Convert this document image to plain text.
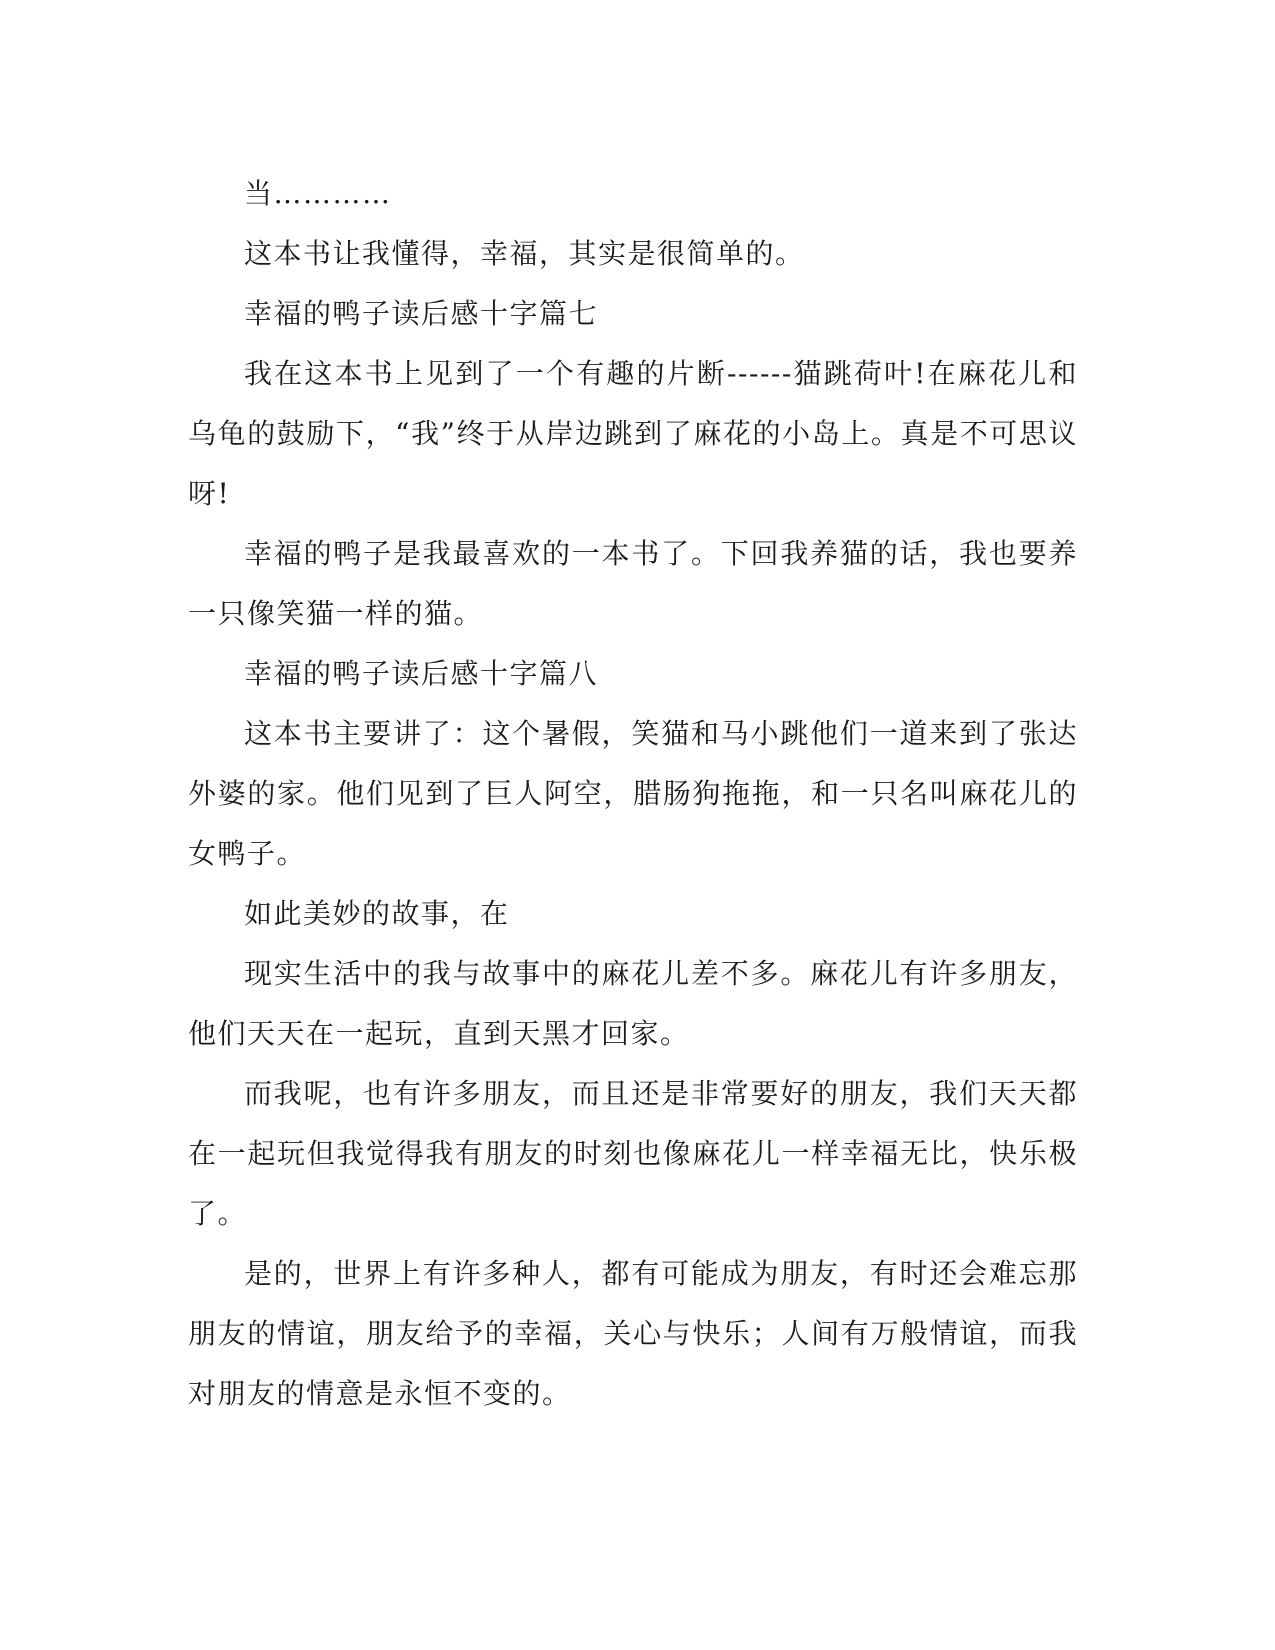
当…………

这本书让我懂得，幸福，其实是很简单的。

幸福的鸭子读后感十字篇七

我在这本书上见到了一个有趣的片断------猫跳荷叶!在麻花儿和乌龟的鼓励下，“我”终于从岸边跳到了麻花的小岛上。真是不可思议呀!

幸福的鸭子是我最喜欢的一本书了。下回我养猫的话，我也要养一只像笑猫一样的猫。

幸福的鸭子读后感十字篇八

这本书主要讲了：这个暑假，笑猫和马小跳他们一道来到了张达外婆的家。他们见到了巨人阿空，腊肠狗拖拖，和一只名叫麻花儿的女鸭子。

如此美妙的故事，在

现实生活中的我与故事中的麻花儿差不多。麻花儿有许多朋友，他们天天在一起玩，直到天黑才回家。

而我呢，也有许多朋友，而且还是非常要好的朋友，我们天天都在一起玩但我觉得我有朋友的时刻也像麻花儿一样幸福无比，快乐极了。

是的，世界上有许多种人，都有可能成为朋友，有时还会难忘那朋友的情谊，朋友给予的幸福，关心与快乐；人间有万般情谊，而我对朋友的情意是永恒不变的。
